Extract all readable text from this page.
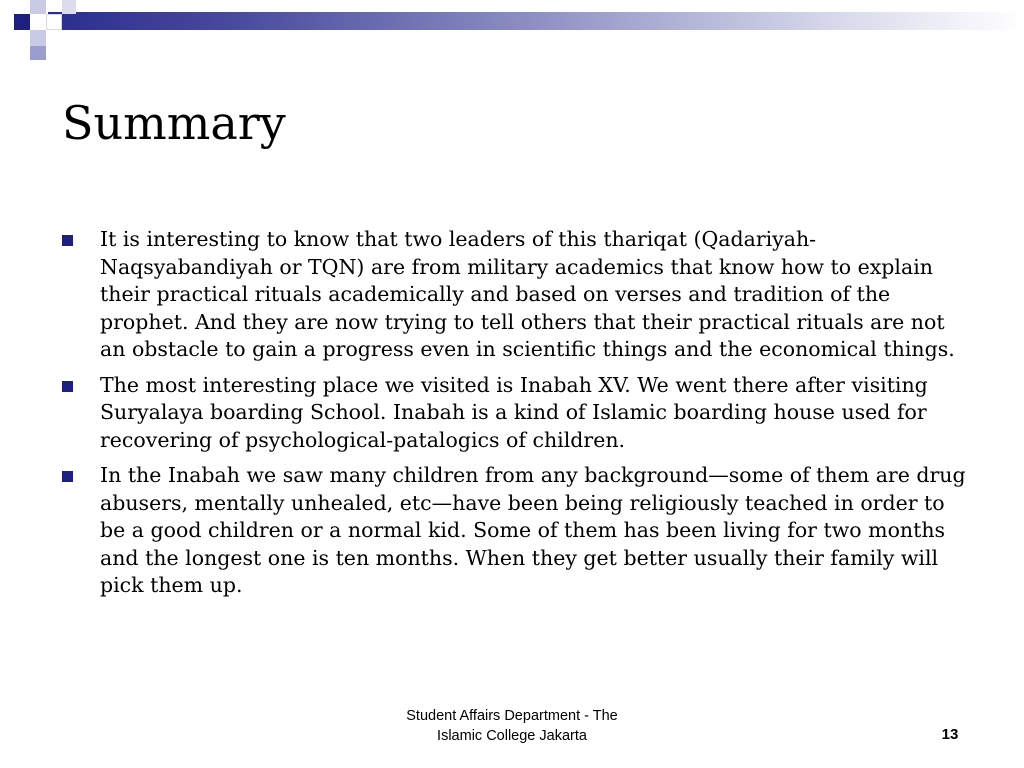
Summary
It is interesting to know that two leaders of this thariqat (Qadariyah-Naqsyabandiyah or TQN) are from military academics that know how to explain their practical rituals academically and based on verses and tradition of the prophet. And they are now trying to tell others that their practical rituals are not an obstacle to gain a progress even in scientific things and the economical things.
The most interesting place we visited is Inabah XV. We went there after visiting Suryalaya boarding School. Inabah is a kind of Islamic boarding house used for recovering of psychological-patalogics of children.
In the Inabah we saw many children from any background—some of them are drug abusers, mentally unhealed, etc—have been being religiously teached in order to be a good children or a normal kid. Some of them has been living for two months and the longest one is ten months. When they get better usually their family will pick them up.
Student Affairs Department - The
Islamic College Jakarta	13
